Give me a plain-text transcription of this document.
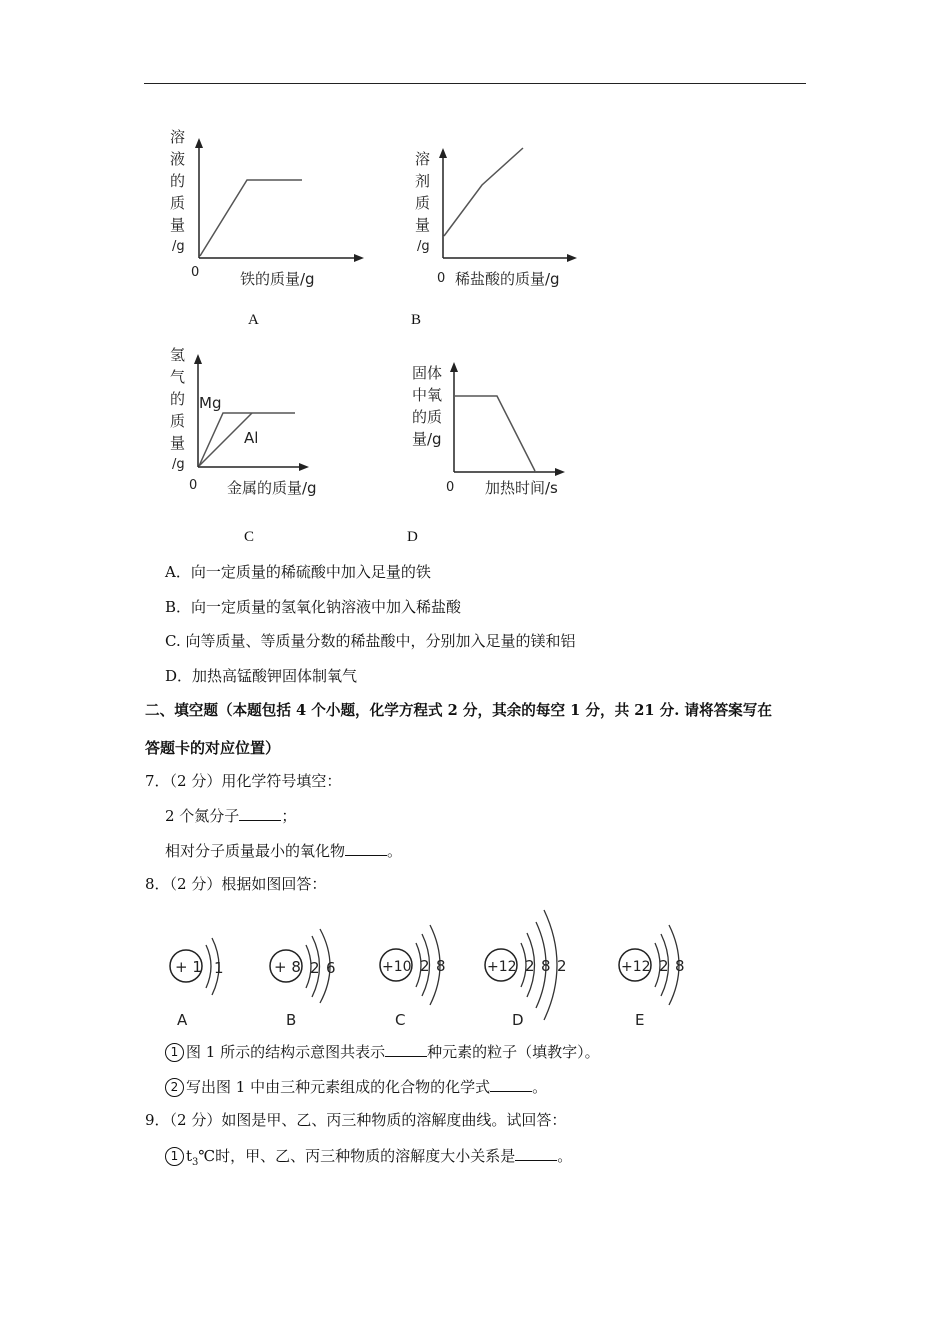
溶
液
的
质
量
/g
0	铁的质量/g
A
溶
剂
质
量
/g
0 稀盐酸的质量/g
B
氢
气
的
质
量
/g
Mg
Al
0 金属的质量/g
C
固体
中氧
的质
量/g
0 加热时间/s
D
A．向一定质量的稀硫酸中加入足量的铁
B．向一定质量的氢氧化钠溶液中加入稀盐酸
C. 向等质量、等质量分数的稀盐酸中，分别加入足量的镁和铝
D．加热高锰酸钾固体制氧气
二、填空题（本题包括 4 个小题，化学方程式 2 分，其余的每空 1 分，共 21 分. 请将答案写在
答题卡的对应位置）
7．（2 分）用化学符号填空：
2 个氮分子	；
相对分子质量最小的氧化物	。
8．（2 分）根据如图回答：
+ 1 1
A
+ 8 2 6
B
+10 2 8
C
+12 2 8 2
D
+12 2 8
E
1 图 1 所示的结构示意图共表示	种元素的粒子（填教字）。
2 写出图 1 中由三种元素组成的化合物的化学式	。
9．（2 分）如图是甲、乙、丙三种物质的溶解度曲线。试回答：
1 $t_3℃$时，甲、乙、丙三种物质的溶解度大小关系是	。
